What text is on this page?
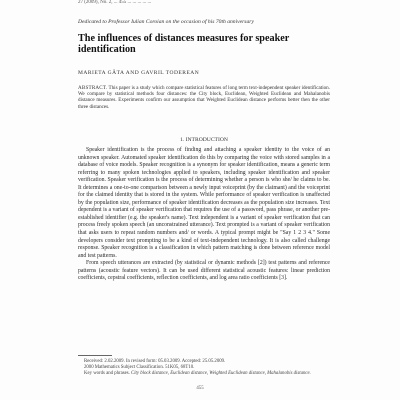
27 (2009), No. 2, ... 455 ... ... ... ... ...
Dedicated to Professor Iulian Coroian on the occasion of his 70th anniversary
The influences of distances measures for speaker identification
MARIETA GÂTA AND GAVRIL TODEREAN
ABSTRACT. This paper is a study which compare statistical features of long term text-independent speaker identification. We compare by statistical methods four distances: the City block, Euclidean, Weighted Euclidean and Mahalanobis distance measures. Experiments confirm our assumption that Weighted Euclidean distance performs better then the other three distances.
1. INTRODUCTION

Speaker identification is the process of finding and attaching a speaker identity to the voice of an unknown speaker. Automated speaker identification do this by comparing the voice with stored samples in a database of voice models. Speaker recognition is a synonym for speaker identification, means a generic term referring to many spoken technologies applied to speakers, including speaker identification and speaker verification. Speaker verification is the process of determining whether a person is who she/ he claims to be. It determines a one-to-one comparison between a newly input voiceprint (by the claimant) and the voiceprint for the claimed identity that is stored in the system. While performance of speaker verification is unaffected by the population size, performance of speaker identification decreases as the population size increases. Text dependent is a variant of speaker verification that requires the use of a password, pass phrase, or another pre-established identifier (e.g. the speaker's name). Text independent is a variant of speaker verification that can process freely spoken speech (an unconstrained utterance). Text prompted is a variant of speaker verification that asks users to repeat random numbers and/ or words. A typical prompt might be "Say 1 2 3 4." Some developers consider text prompting to be a kind of text-independent technology. It is also called challenge response. Speaker recognition is a classification in which pattern matching is done between reference model and test patterns.

From speech utterances are extracted (by statistical or dynamic methods [2]) test patterns and reference patterns (acoustic feature vectors). It can be used different statistical acoustic features: linear prediction coefficients, cepstral coefficients, reflection coefficients, and log area ratio coefficients [3].

Received: 2.02.2009. In revised form: 05.03.2009. Accepted: 25.05.2009.
2000 Mathematics Subject Classification. 51K05, 68T10.
Key words and phrases. City block distance, Euclidean distance, Weighted Euclidean distance, Mahalanobis distance.
455
